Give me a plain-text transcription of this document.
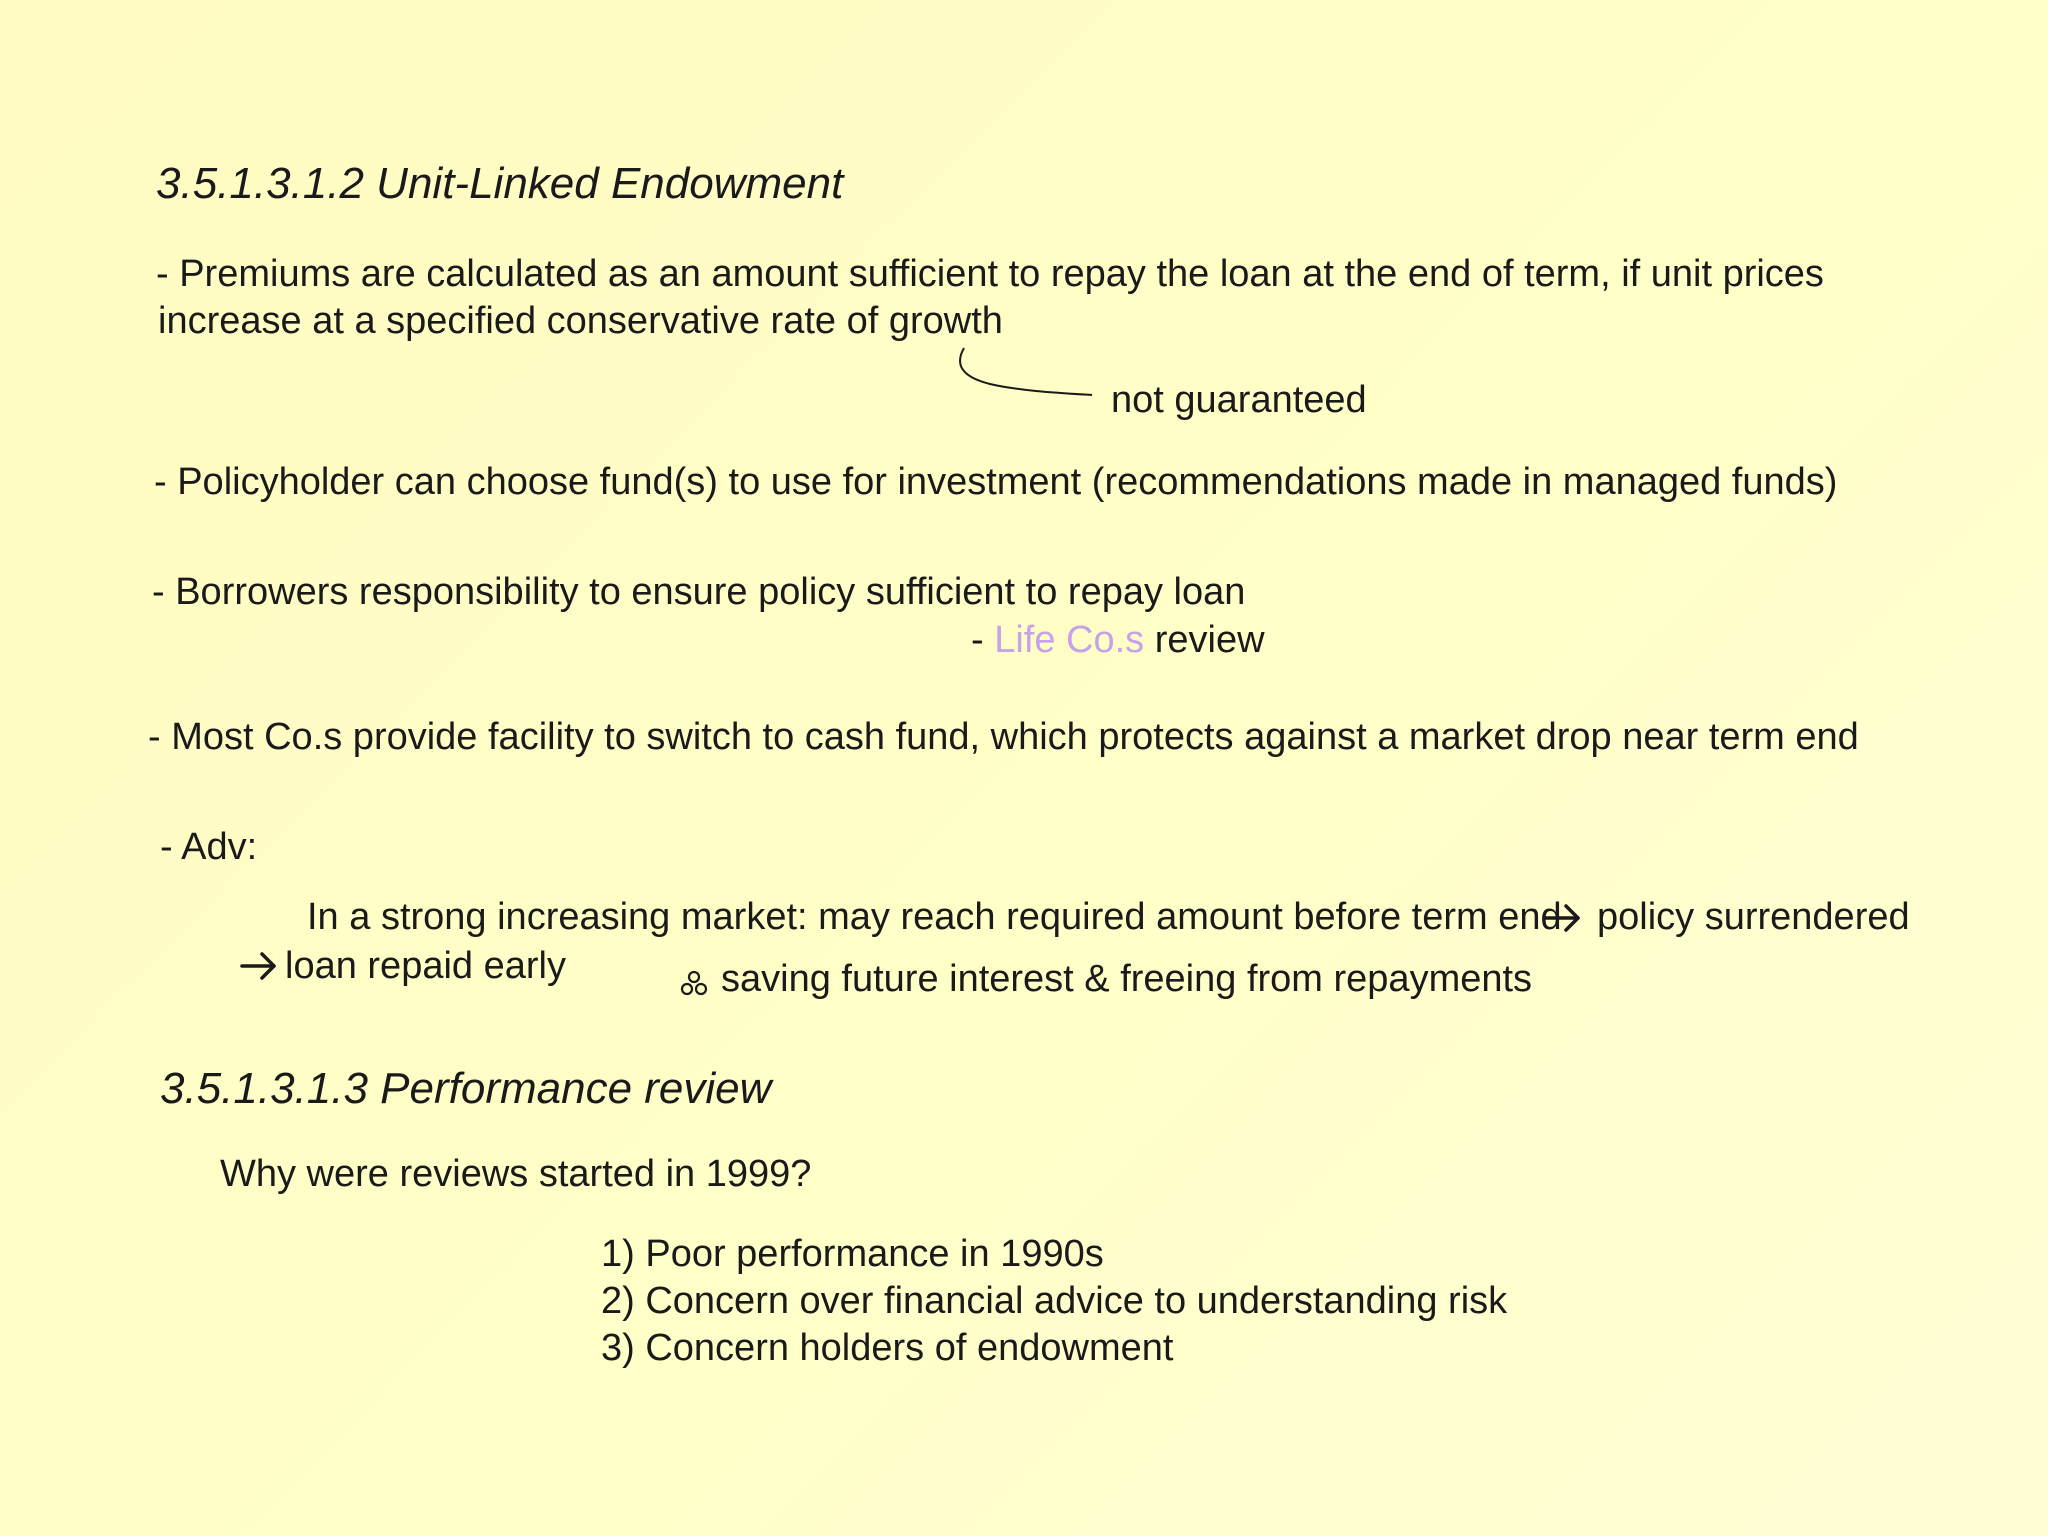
3.5.1.3.1.2 Unit-Linked Endowment
- Premiums are calculated as an amount sufficient to repay the loan at the end of term, if unit prices
increase at a specified conservative rate of growth
not guaranteed
- Policyholder can choose fund(s) to use for investment (recommendations made in managed funds)
- Borrowers responsibility to ensure policy sufficient to repay loan
- Life Co.s review
- Most Co.s provide facility to switch to cash fund, which protects against a market drop near term end
- Adv:
In a strong increasing market: may reach required amount before term end policy surrendered
loan repaid early	saving future interest & freeing from repayments
3.5.1.3.1.3 Performance review
Why were reviews started in 1999?
1) Poor performance in 1990s
2) Concern over financial advice to understanding risk
3) Concern holders of endowment
